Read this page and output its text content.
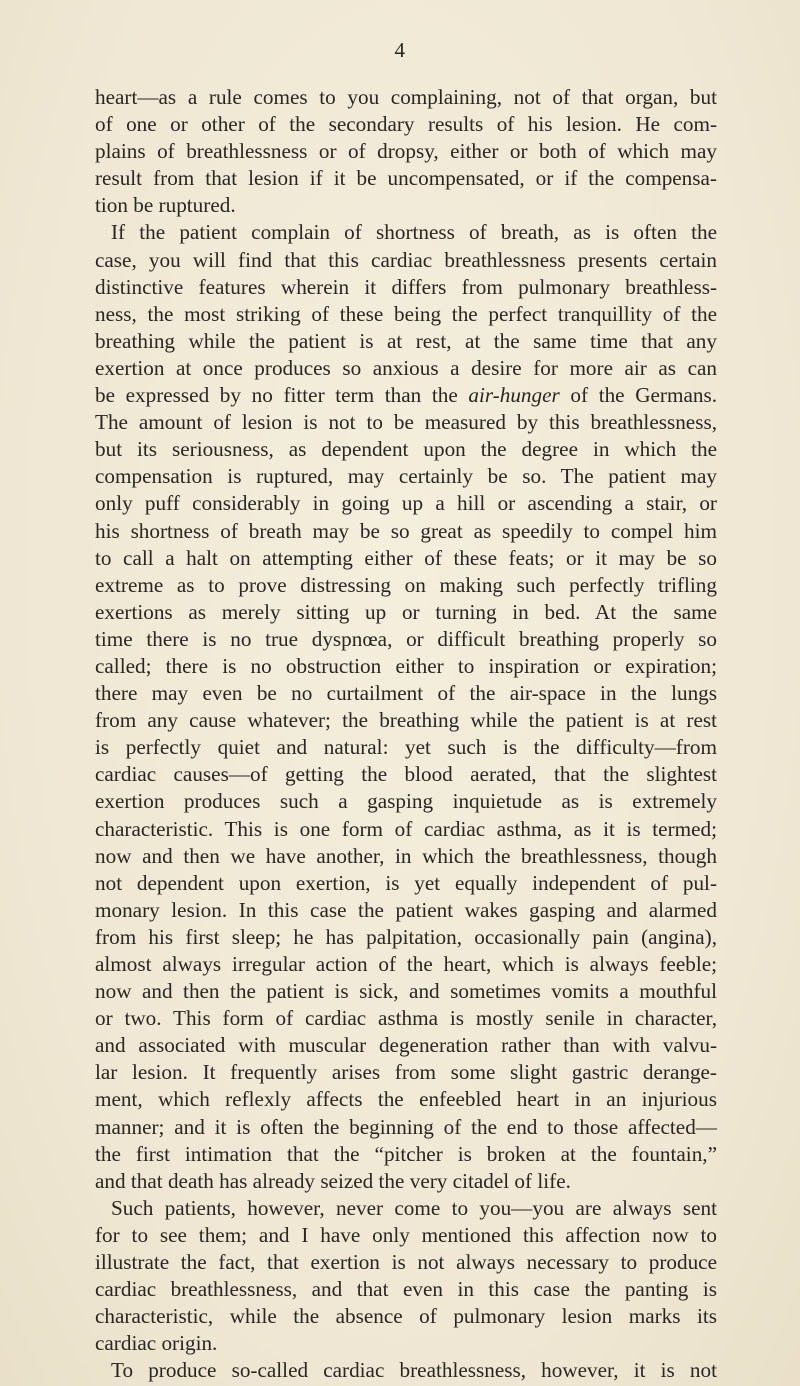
4
heart—as a rule comes to you complaining, not of that organ, but
of one or other of the secondary results of his lesion. He com-
plains of breathlessness or of dropsy, either or both of which may
result from that lesion if it be uncompensated, or if the compensa-
tion be ruptured.
If the patient complain of shortness of breath, as is often the
case, you will find that this cardiac breathlessness presents certain
distinctive features wherein it differs from pulmonary breathless-
ness, the most striking of these being the perfect tranquillity of the
breathing while the patient is at rest, at the same time that any
exertion at once produces so anxious a desire for more air as can
be expressed by no fitter term than the air-hunger of the Germans.
The amount of lesion is not to be measured by this breathlessness,
but its seriousness, as dependent upon the degree in which the
compensation is ruptured, may certainly be so. The patient may
only puff considerably in going up a hill or ascending a stair, or
his shortness of breath may be so great as speedily to compel him
to call a halt on attempting either of these feats; or it may be so
extreme as to prove distressing on making such perfectly trifling
exertions as merely sitting up or turning in bed. At the same
time there is no true dyspnœa, or difficult breathing properly so
called; there is no obstruction either to inspiration or expiration;
there may even be no curtailment of the air-space in the lungs
from any cause whatever; the breathing while the patient is at rest
is perfectly quiet and natural: yet such is the difficulty—from
cardiac causes—of getting the blood aerated, that the slightest
exertion produces such a gasping inquietude as is extremely
characteristic. This is one form of cardiac asthma, as it is termed;
now and then we have another, in which the breathlessness, though
not dependent upon exertion, is yet equally independent of pul-
monary lesion. In this case the patient wakes gasping and alarmed
from his first sleep; he has palpitation, occasionally pain (angina),
almost always irregular action of the heart, which is always feeble;
now and then the patient is sick, and sometimes vomits a mouthful
or two. This form of cardiac asthma is mostly senile in character,
and associated with muscular degeneration rather than with valvu-
lar lesion. It frequently arises from some slight gastric derange-
ment, which reflexly affects the enfeebled heart in an injurious
manner; and it is often the beginning of the end to those affected—
the first intimation that the “pitcher is broken at the fountain,”
and that death has already seized the very citadel of life.
Such patients, however, never come to you—you are always sent
for to see them; and I have only mentioned this affection now to
illustrate the fact, that exertion is not always necessary to produce
cardiac breathlessness, and that even in this case the panting is
characteristic, while the absence of pulmonary lesion marks its
cardiac origin.
To produce so-called cardiac breathlessness, however, it is not
